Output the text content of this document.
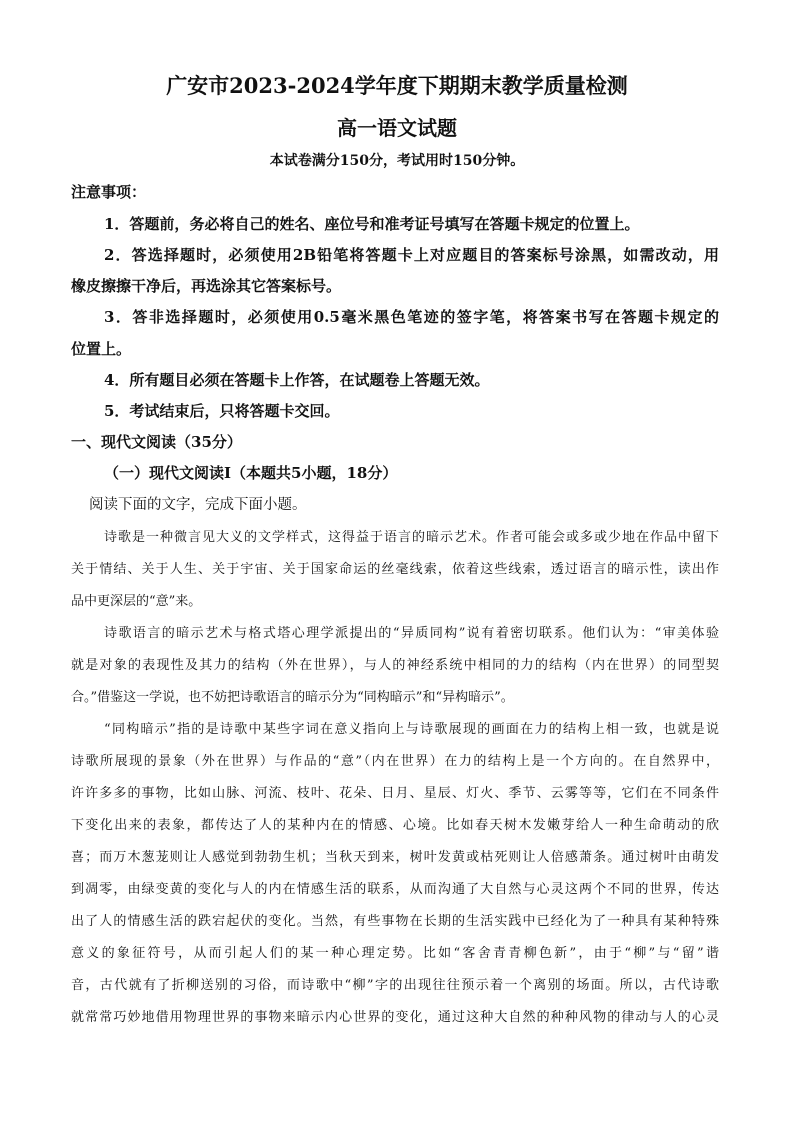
广安市2023-2024学年度下期期末教学质量检测
高一语文试题
本试卷满分150分，考试用时150分钟。
注意事项：
1．答题前，务必将自己的姓名、座位号和准考证号填写在答题卡规定的位置上。
2．答选择题时，必须使用2B铅笔将答题卡上对应题目的答案标号涂黑，如需改动，用
橡皮擦擦干净后，再选涂其它答案标号。
3．答非选择题时，必须使用0.5毫米黑色笔迹的签字笔，将答案书写在答题卡规定的
位置上。
4．所有题目必须在答题卡上作答，在试题卷上答题无效。
5．考试结束后，只将答题卡交回。
一、现代文阅读（35分）
（一）现代文阅读Ⅰ（本题共5小题，18分）
阅读下面的文字，完成下面小题。
诗歌是一种微言见大义的文学样式，这得益于语言的暗示艺术。作者可能会或多或少地在作品中留下
关于情结、关于人生、关于宇宙、关于国家命运的丝毫线索，依着这些线索，透过语言的暗示性，读出作
品中更深层的“意”来。
诗歌语言的暗示艺术与格式塔心理学派提出的“异质同构”说有着密切联系。他们认为：“审美体验
就是对象的表现性及其力的结构（外在世界），与人的神经系统中相同的力的结构（内在世界）的同型契
合。”借鉴这一学说，也不妨把诗歌语言的暗示分为“同构暗示”和“异构暗示”。
“同构暗示”指的是诗歌中某些字词在意义指向上与诗歌展现的画面在力的结构上相一致，也就是说
诗歌所展现的景象（外在世界）与作品的“意”（内在世界）在力的结构上是一个方向的。在自然界中，
许许多多的事物，比如山脉、河流、枝叶、花朵、日月、星辰、灯火、季节、云雾等等，它们在不同条件
下变化出来的表象，都传达了人的某种内在的情感、心境。比如春天树木发嫩芽给人一种生命萌动的欣
喜；而万木葱茏则让人感觉到勃勃生机；当秋天到来，树叶发黄或枯死则让人倍感萧条。通过树叶由萌发
到凋零，由绿变黄的变化与人的内在情感生活的联系，从而沟通了大自然与心灵这两个不同的世界，传达
出了人的情感生活的跌宕起伏的变化。当然，有些事物在长期的生活实践中已经化为了一种具有某种特殊
意义的象征符号，从而引起人们的某一种心理定势。比如“客舍青青柳色新”，由于“柳”与“留”谐
音，古代就有了折柳送别的习俗，而诗歌中“柳”字的出现往往预示着一个离别的场面。所以，古代诗歌
就常常巧妙地借用物理世界的事物来暗示内心世界的变化，通过这种大自然的种种风物的律动与人的心灵
